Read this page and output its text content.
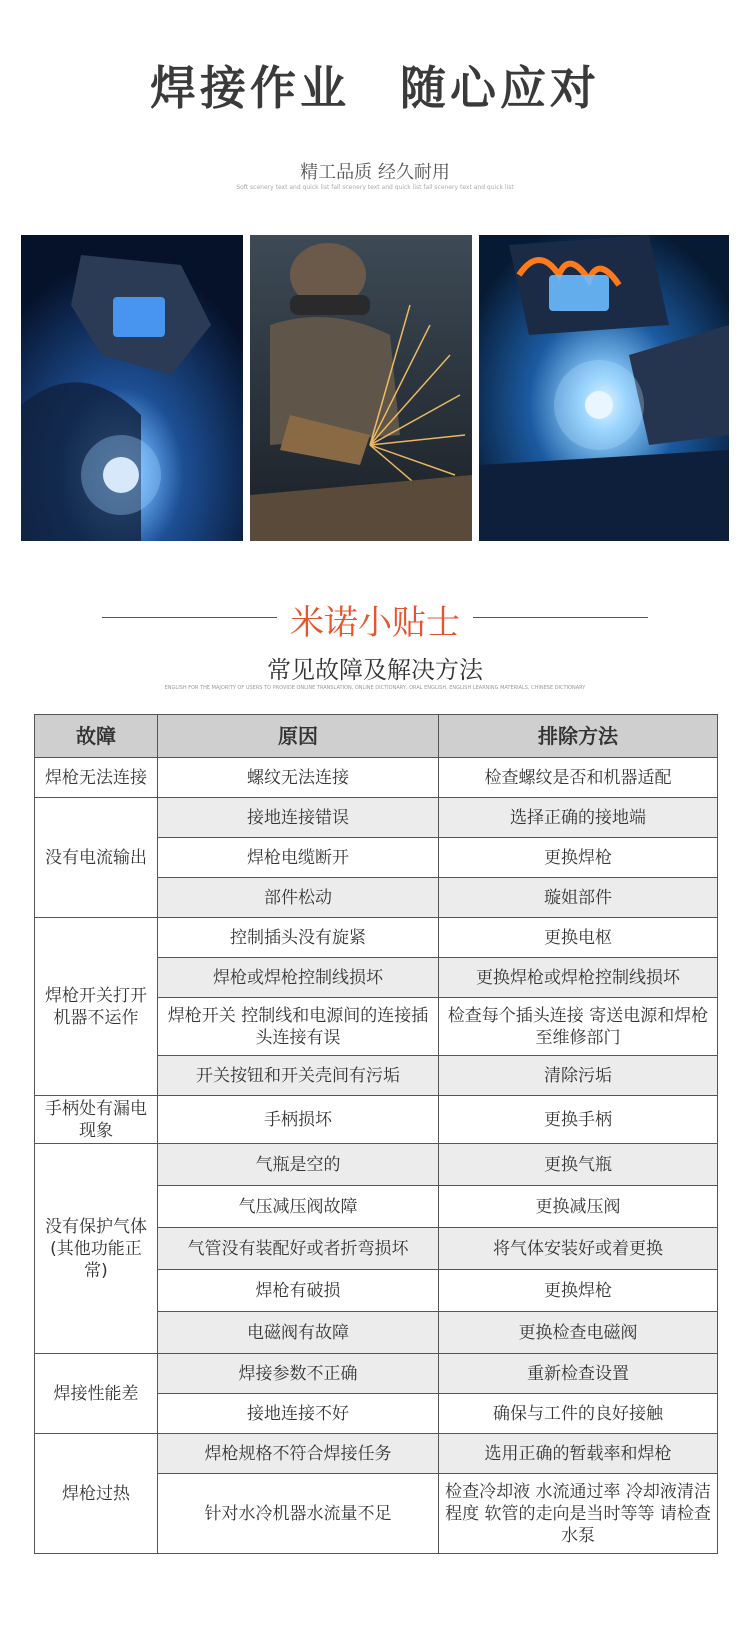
焊接作业　随心应对
精工品质 经久耐用
Soft scenery text and quick list fall scenery text and quick list fall scenery text and quick list
米诺小贴士
常见故障及解决方法
ENGLISH FOR THE MAJORITY OF USERS TO PROVIDE ONLINE TRANSLATION, ONLINE DICTIONARY, ORAL ENGLISH, ENGLISH LEARNING MATERIALS, CHINESE DICTIONARY
故障	原因	排除方法
焊枪无法连接	螺纹无法连接	检查螺纹是否和机器适配
没有电流输出	接地连接错误	选择正确的接地端
	焊枪电缆断开	更换焊枪
	部件松动	璇姐部件
焊枪开关打开机器不运作	控制插头没有旋紧	更换电枢
	焊枪或焊枪控制线损坏	更换焊枪或焊枪控制线损坏
	焊枪开关 控制线和电源间的连接插头连接有误	检查每个插头连接 寄送电源和焊枪至维修部门
	开关按钮和开关壳间有污垢	清除污垢
手柄处有漏电现象	手柄损坏	更换手柄
没有保护气体(其他功能正常)	气瓶是空的	更换气瓶
	气压减压阀故障	更换减压阀
	气管没有装配好或者折弯损坏	将气体安装好或着更换
	焊枪有破损	更换焊枪
	电磁阀有故障	更换检查电磁阀
焊接性能差	焊接参数不正确	重新检查设置
	接地连接不好	确保与工件的良好接触
焊枪过热	焊枪规格不符合焊接任务	选用正确的暂载率和焊枪
	针对水冷机器水流量不足	检查冷却液 水流通过率 冷却液清洁程度 软管的走向是当时等等 请检查水泵
